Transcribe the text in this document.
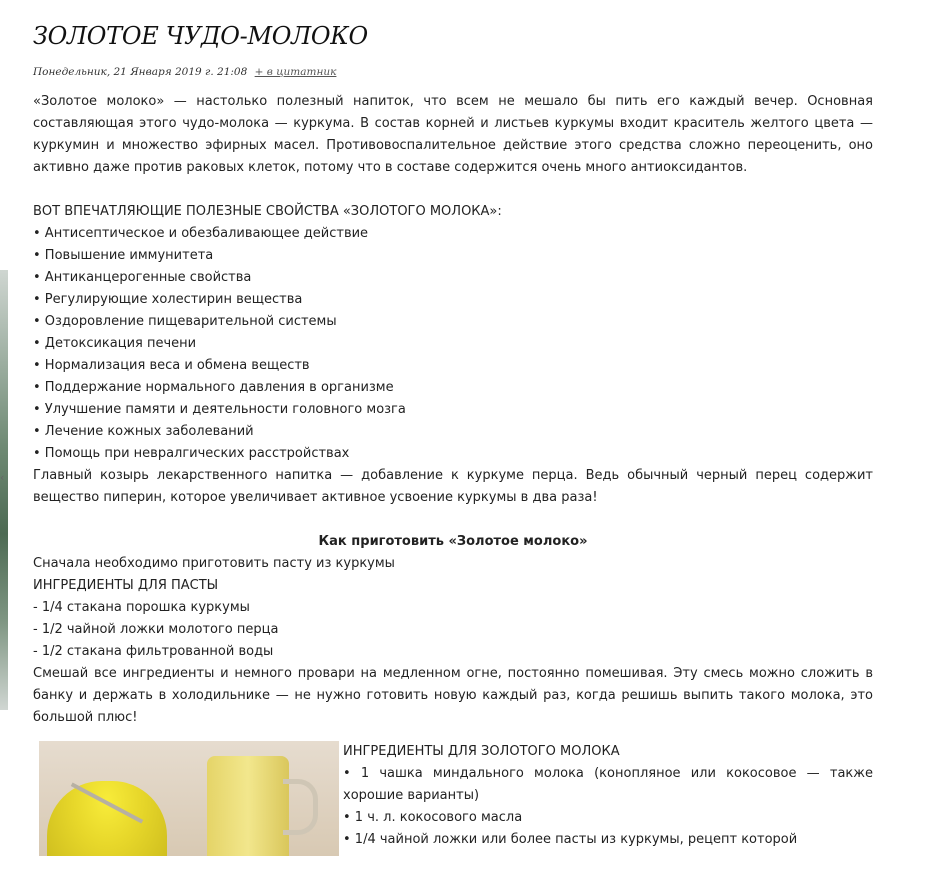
‹
ЗОЛОТОЕ ЧУДО-МОЛОКО
Понедельник, 21 Января 2019 г. 21:08 + в цитатник

«Золотое молоко» — настолько полезный напиток, что всем не мешало бы пить его каждый вечер. Основная составляющая этого чудо-молока — куркума. В состав корней и листьев куркумы входит краситель желтого цвета — куркумин и множество эфирных масел. Противовоспалительное действие этого средства сложно переоценить, оно активно даже против раковых клеток, потому что в составе содержится очень много антиоксидантов.

ВОТ ВПЕЧАТЛЯЮЩИЕ ПОЛЕЗНЫЕ СВОЙСТВА «ЗОЛОТОГО МОЛОКА»:

• Антисептическое и обезбаливающее действие

• Повышение иммунитета

• Антиканцерогенные свойства

• Регулирующие холестирин вещества

• Оздоровление пищеварительной системы

• Детоксикация печени

• Нормализация веса и обмена веществ

• Поддержание нормального давления в организме

• Улучшение памяти и деятельности головного мозга

• Лечение кожных заболеваний

• Помощь при невралгических расстройствах

Главный козырь лекарственного напитка — добавление к куркуме перца. Ведь обычный черный перец содержит вещество пиперин, которое увеличивает активное усвоение куркумы в два раза!

Как приготовить «Золотое молоко»

Сначала необходимо приготовить пасту из куркумы

ИНГРЕДИЕНТЫ ДЛЯ ПАСТЫ

- 1/4 стакана порошка куркумы

- 1/2 чайной ложки молотого перца

- 1/2 стакана фильтрованной воды

Смешай все ингредиенты и немного провари на медленном огне, постоянно помешивая. Эту смесь можно сложить в банку и держать в холодильнике — не нужно готовить новую каждый раз, когда решишь выпить такого молока, это большой плюс!

ИНГРЕДИЕНТЫ ДЛЯ ЗОЛОТОГО МОЛОКА

• 1 чашка миндального молока (конопляное или кокосовое — также хорошие варианты)

• 1 ч. л. кокосового масла

• 1/4 чайной ложки или более пасты из куркумы, рецепт которой
